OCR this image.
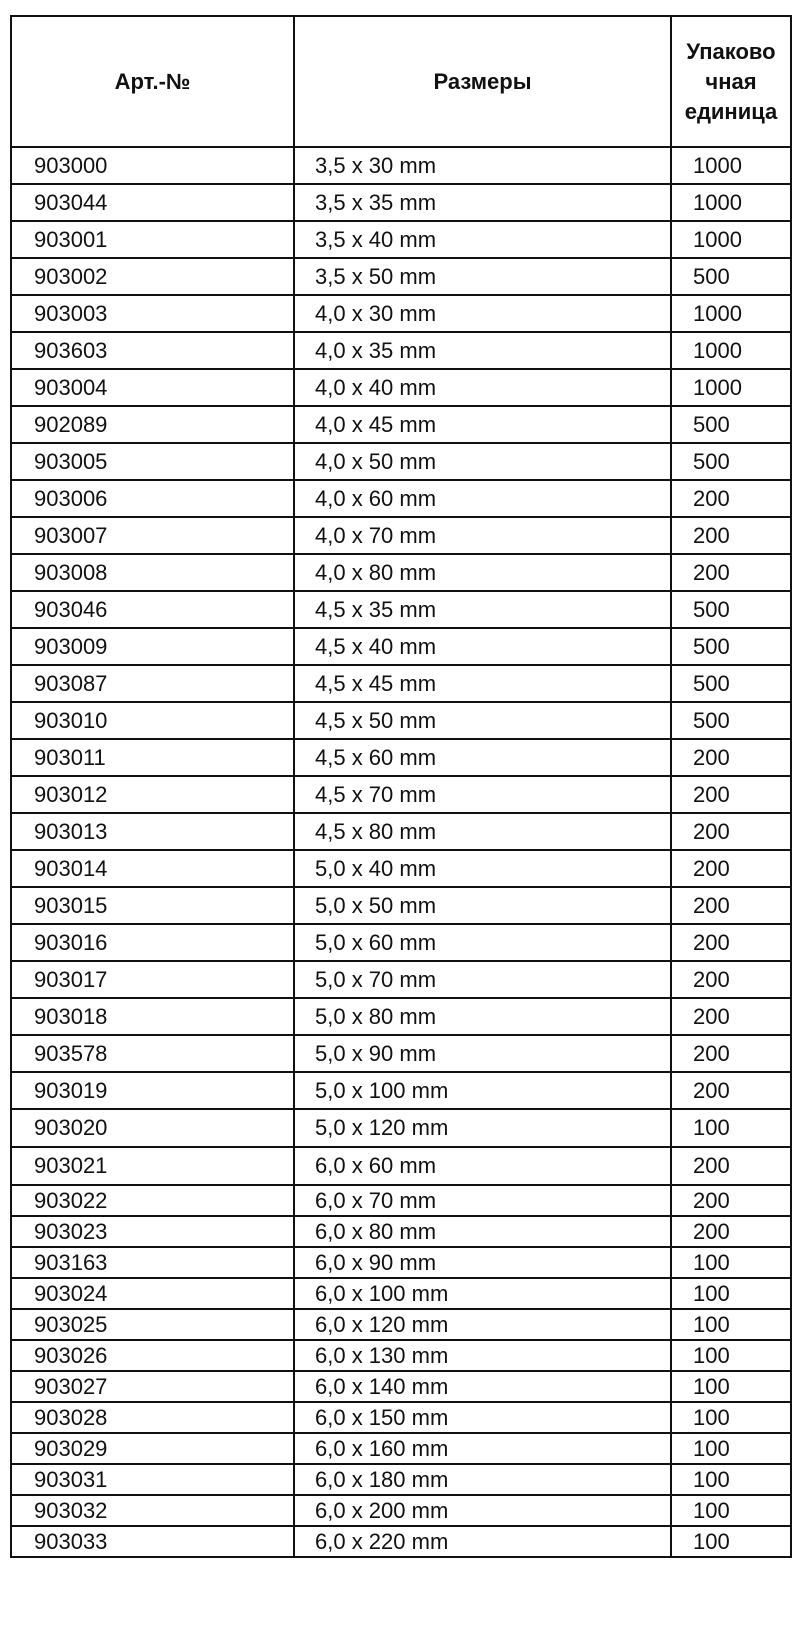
Арт.-№	Размеры	Упаково
чная
единица
903000	3,5 x 30 mm	1000
903044	3,5 x 35 mm	1000
903001	3,5 x 40 mm	1000
903002	3,5 x 50 mm	500
903003	4,0 x 30 mm	1000
903603	4,0 x 35 mm	1000
903004	4,0 x 40 mm	1000
902089	4,0 x 45 mm	500
903005	4,0 x 50 mm	500
903006	4,0 x 60 mm	200
903007	4,0 x 70 mm	200
903008	4,0 x 80 mm	200
903046	4,5 x 35 mm	500
903009	4,5 x 40 mm	500
903087	4,5 x 45 mm	500
903010	4,5 x 50 mm	500
903011	4,5 x 60 mm	200
903012	4,5 x 70 mm	200
903013	4,5 x 80 mm	200
903014	5,0 x 40 mm	200
903015	5,0 x 50 mm	200
903016	5,0 x 60 mm	200
903017	5,0 x 70 mm	200
903018	5,0 x 80 mm	200
903578	5,0 x 90 mm	200
903019	5,0 x 100 mm	200
903020	5,0 x 120 mm	100
903021	6,0 x 60 mm	200
903022	6,0 x 70 mm	200
903023	6,0 x 80 mm	200
903163	6,0 x 90 mm	100
903024	6,0 x 100 mm	100
903025	6,0 x 120 mm	100
903026	6,0 x 130 mm	100
903027	6,0 x 140 mm	100
903028	6,0 x 150 mm	100
903029	6,0 x 160 mm	100
903031	6,0 x 180 mm	100
903032	6,0 x 200 mm	100
903033	6,0 x 220 mm	100
